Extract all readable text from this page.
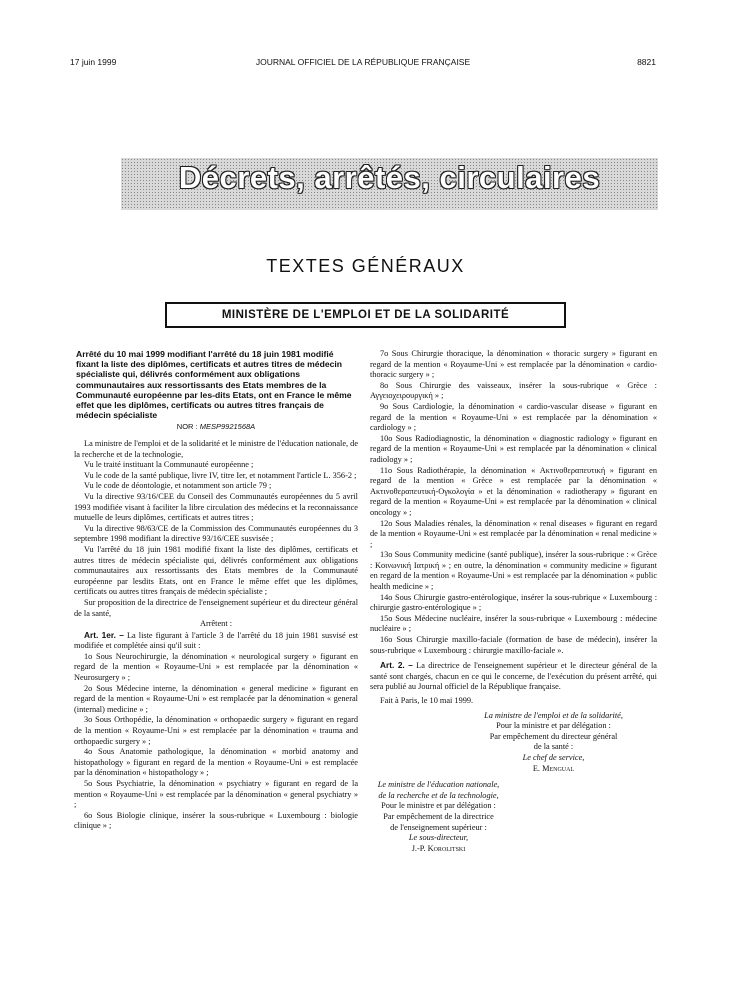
17 juin 1999	JOURNAL OFFICIEL DE LA RÉPUBLIQUE FRANÇAISE	8821
Décrets, arrêtés, circulaires
TEXTES GÉNÉRAUX
MINISTÈRE DE L'EMPLOI ET DE LA SOLIDARITÉ
Arrêté du 10 mai 1999 modifiant l'arrêté du 18 juin 1981 modifié fixant la liste des diplômes, certificats et autres titres de médecin spécialiste qui, délivrés conformément aux obligations communautaires aux ressortissants des Etats membres de la Communauté européenne par les-dits Etats, ont en France le même effet que les diplômes, certificats ou autres titres français de médecin spécialiste
NOR : MESP9921568A

La ministre de l'emploi et de la solidarité et le ministre de l'éducation nationale, de la recherche et de la technologie,

Vu le traité instituant la Communauté européenne ;

Vu le code de la santé publique, livre IV, titre Ier, et notamment l'article L. 356-2 ;

Vu le code de déontologie, et notamment son article 79 ;

Vu la directive 93/16/CEE du Conseil des Communautés européennes du 5 avril 1993 modifiée visant à faciliter la libre circulation des médecins et la reconnaissance mutuelle de leurs diplômes, certificats et autres titres ;

Vu la directive 98/63/CE de la Commission des Communautés européennes du 3 septembre 1998 modifiant la directive 93/16/CEE susvisée ;

Vu l'arrêté du 18 juin 1981 modifié fixant la liste des diplômes, certificats et autres titres de médecin spécialiste qui, délivrés conformément aux obligations communautaires aux ressortissants des Etats membres de la Communauté européenne par lesdits Etats, ont en France le même effet que les diplômes, certificats ou autres titres français de médecin spécialiste ;

Sur proposition de la directrice de l'enseignement supérieur et du directeur général de la santé,

Arrêtent :

Art. 1er. – La liste figurant à l'article 3 de l'arrêté du 18 juin 1981 susvisé est modifiée et complétée ainsi qu'il suit :

1o Sous Neurochirurgie, la dénomination « neurological surgery » figurant en regard de la mention « Royaume-Uni » est remplacée par la dénomination « Neurosurgery » ;

2o Sous Médecine interne, la dénomination « general medicine » figurant en regard de la mention « Royaume-Uni » est remplacée par la dénomination « general (internal) medicine » ;

3o Sous Orthopédie, la dénomination « orthopaedic surgery » figurant en regard de la mention « Royaume-Uni » est remplacée par la dénomination « trauma and orthopaedic surgery » ;

4o Sous Anatomie pathologique, la dénomination « morbid anatomy and histopathology » figurant en regard de la mention « Royaume-Uni » est remplacée par la dénomination « histopathology » ;

5o Sous Psychiatrie, la dénomination « psychiatry » figurant en regard de la mention « Royaume-Uni » est remplacée par la dénomination « general psychiatry » ;

6o Sous Biologie clinique, insérer la sous-rubrique « Luxembourg : biologie clinique » ;

7o Sous Chirurgie thoracique, la dénomination « thoracic surgery » figurant en regard de la mention « Royaume-Uni » est remplacée par la dénomination « cardio-thoracic surgery » ;

8o Sous Chirurgie des vaisseaux, insérer la sous-rubrique « Grèce : Αγγειοχειρουργική » ;

9o Sous Cardiologie, la dénomination « cardio-vascular disease » figurant en regard de la mention « Royaume-Uni » est remplacée par la dénomination « cardiology » ;

10o Sous Radiodiagnostic, la dénomination « diagnostic radiology » figurant en regard de la mention « Royaume-Uni » est remplacée par la dénomination « clinical radiology » ;

11o Sous Radiothérapie, la dénomination « Ακτινοθεραπευτική » figurant en regard de la mention « Grèce » est remplacée par la dénomination « Ακτινοθεραπευτική-Ογκολογία » et la dénomination « radiotherapy » figurant en regard de la mention « Royaume-Uni » est remplacée par la dénomination « clinical oncology » ;

12o Sous Maladies rénales, la dénomination « renal diseases » figurant en regard de la mention « Royaume-Uni » est remplacée par la dénomination « renal medicine » ;

13o Sous Community medicine (santé publique), insérer la sous-rubrique : « Grèce : Κοινωνική Ιατρική » ; en outre, la dénomination « community medicine » figurant en regard de la mention « Royaume-Uni » est remplacée par la dénomination « public health medicine » ;

14o Sous Chirurgie gastro-entérologique, insérer la sous-rubrique « Luxembourg : chirurgie gastro-entérologique » ;

15o Sous Médecine nucléaire, insérer la sous-rubrique « Luxembourg : médecine nucléaire » ;

16o Sous Chirurgie maxillo-faciale (formation de base de médecin), insérer la sous-rubrique « Luxembourg : chirurgie maxillo-faciale ».

Art. 2. – La directrice de l'enseignement supérieur et le directeur général de la santé sont chargés, chacun en ce qui le concerne, de l'exécution du présent arrêté, qui sera publié au Journal officiel de la République française.

Fait à Paris, le 10 mai 1999.

La ministre de l'emploi et de la solidarité,

Pour la ministre et par délégation :

Par empêchement du directeur général

de la santé :

Le chef de service,

E. Mengual

Le ministre de l'éducation nationale,

de la recherche et de la technologie,

Pour le ministre et par délégation :

Par empêchement de la directrice

de l'enseignement supérieur :

Le sous-directeur,

J.-P. Korolitski
